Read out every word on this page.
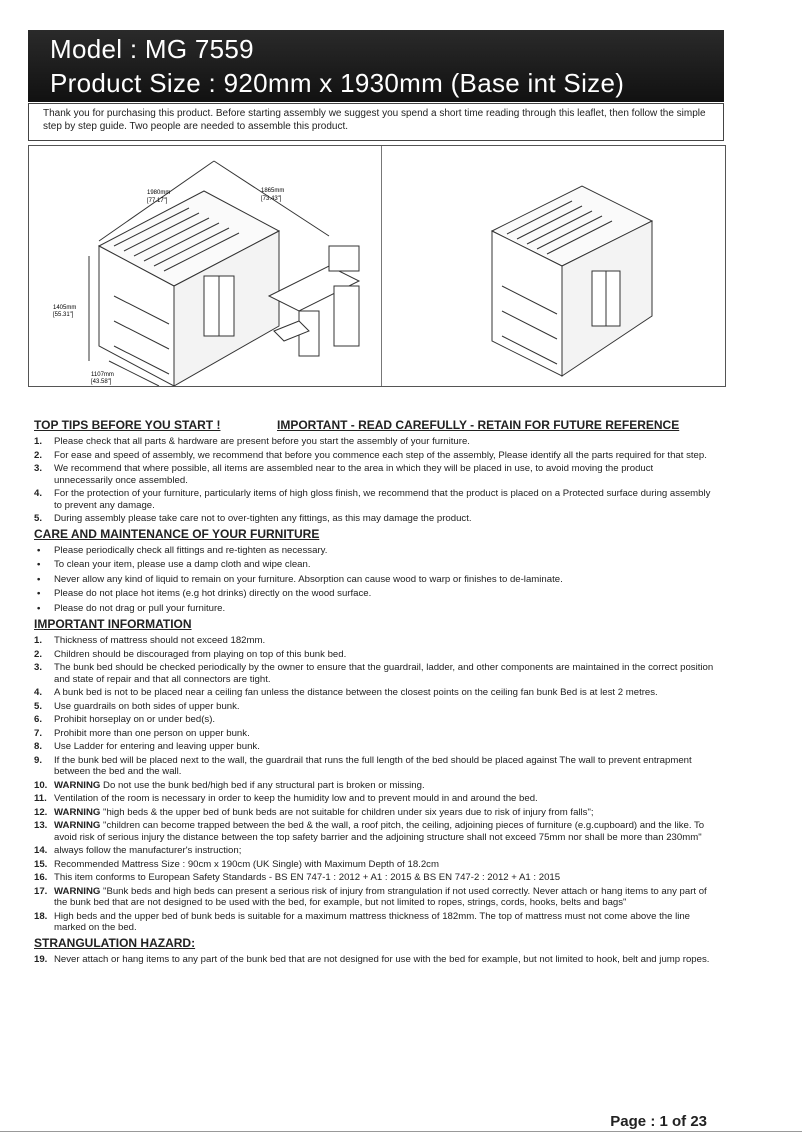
Model : MG 7559
Product Size : 920mm x 1930mm (Base int Size)
Thank you for purchasing this product. Before starting assembly we suggest you spend a short time reading through this leaflet, then follow the simple step by step guide. Two people are needed to assemble this product.
1980mm
[77.17"]
1865mm
[73.43"]
1405mm
[55.31"]
1107mm
[43.58"]
TOP TIPS BEFORE YOU START !	IMPORTANT - READ CAREFULLY - RETAIN FOR FUTURE REFERENCE

1. Please check that all parts & hardware are present before you start the assembly of your furniture.

2. For ease and speed of assembly, we recommend that before you commence each step of the assembly, Please identify all the parts required for that step.

3. We recommend that where possible, all items are assembled near to the area in which they will be placed in use, to avoid moving the product unnecessarily once assembled.

4. For the protection of your furniture, particularly items of high gloss finish, we recommend that the product is placed on a Protected surface during assembly to prevent any damage.

5. During assembly please take care not to over-tighten any fittings, as this may damage the product.

CARE AND MAINTENANCE OF YOUR FURNITURE

• Please periodically check all fittings and re-tighten as necessary.

• To clean your item, please use a damp cloth and wipe clean.

• Never allow any kind of liquid to remain on your furniture. Absorption can cause wood to warp or finishes to de-laminate.

• Please do not place hot items (e.g hot drinks) directly on the wood surface.

• Please do not drag or pull your furniture.

IMPORTANT INFORMATION

1. Thickness of mattress should not exceed 182mm.

2. Children should be discouraged from playing on top of this bunk bed.

3. The bunk bed should be checked periodically by the owner to ensure that the guardrail, ladder, and other components are maintained in the correct position and state of repair and that all connectors are tight.

4. A bunk bed is not to be placed near a ceiling fan unless the distance between the closest points on the ceiling fan bunk Bed is at lest 2 metres.

5. Use guardrails on both sides of upper bunk.

6. Prohibit horseplay on or under bed(s).

7. Prohibit more than one person on upper bunk.

8. Use Ladder for entering and leaving upper bunk.

9. If the bunk bed will be placed next to the wall, the guardrail that runs the full length of the bed should be placed against The wall to prevent entrapment between the bed and the wall.

10. WARNING Do not use the bunk bed/high bed if any structural part is broken or missing.

11. Ventilation of the room is necessary in order to keep the humidity low and to prevent mould in and around the bed.

12. WARNING "high beds & the upper bed of bunk beds are not suitable for children under six years due to risk of injury from falls";

13. WARNING "children can become trapped between the bed & the wall, a roof pitch, the ceiling, adjoining pieces of furniture (e.g.cupboard) and the like. To avoid risk of serious injury the distance between the top safety barrier and the adjoining structure shall not exceed 75mm nor shall be more than 230mm"

14. always follow the manufacturer's instruction;

15. Recommended Mattress Size : 90cm x 190cm (UK Single) with Maximum Depth of 18.2cm

16. This item conforms to European Safety Standards - BS EN 747-1 : 2012 + A1 : 2015 & BS EN 747-2 : 2012 + A1 : 2015

17. WARNING "Bunk beds and high beds can present a serious risk of injury from strangulation if not used correctly. Never attach or hang items to any part of the bunk bed that are not designed to be used with the bed, for example, but not limited to ropes, strings, cords, hooks, belts and bags"

18. High beds and the upper bed of bunk beds is suitable for a maximum mattress thickness of 182mm. The top of mattress must not come above the line marked on the bed.

STRANGULATION HAZARD:

19. Never attach or hang items to any part of the bunk bed that are not designed for use with the bed for example, but not limited to hook, belt and jump ropes.

Page : 1 of 23
